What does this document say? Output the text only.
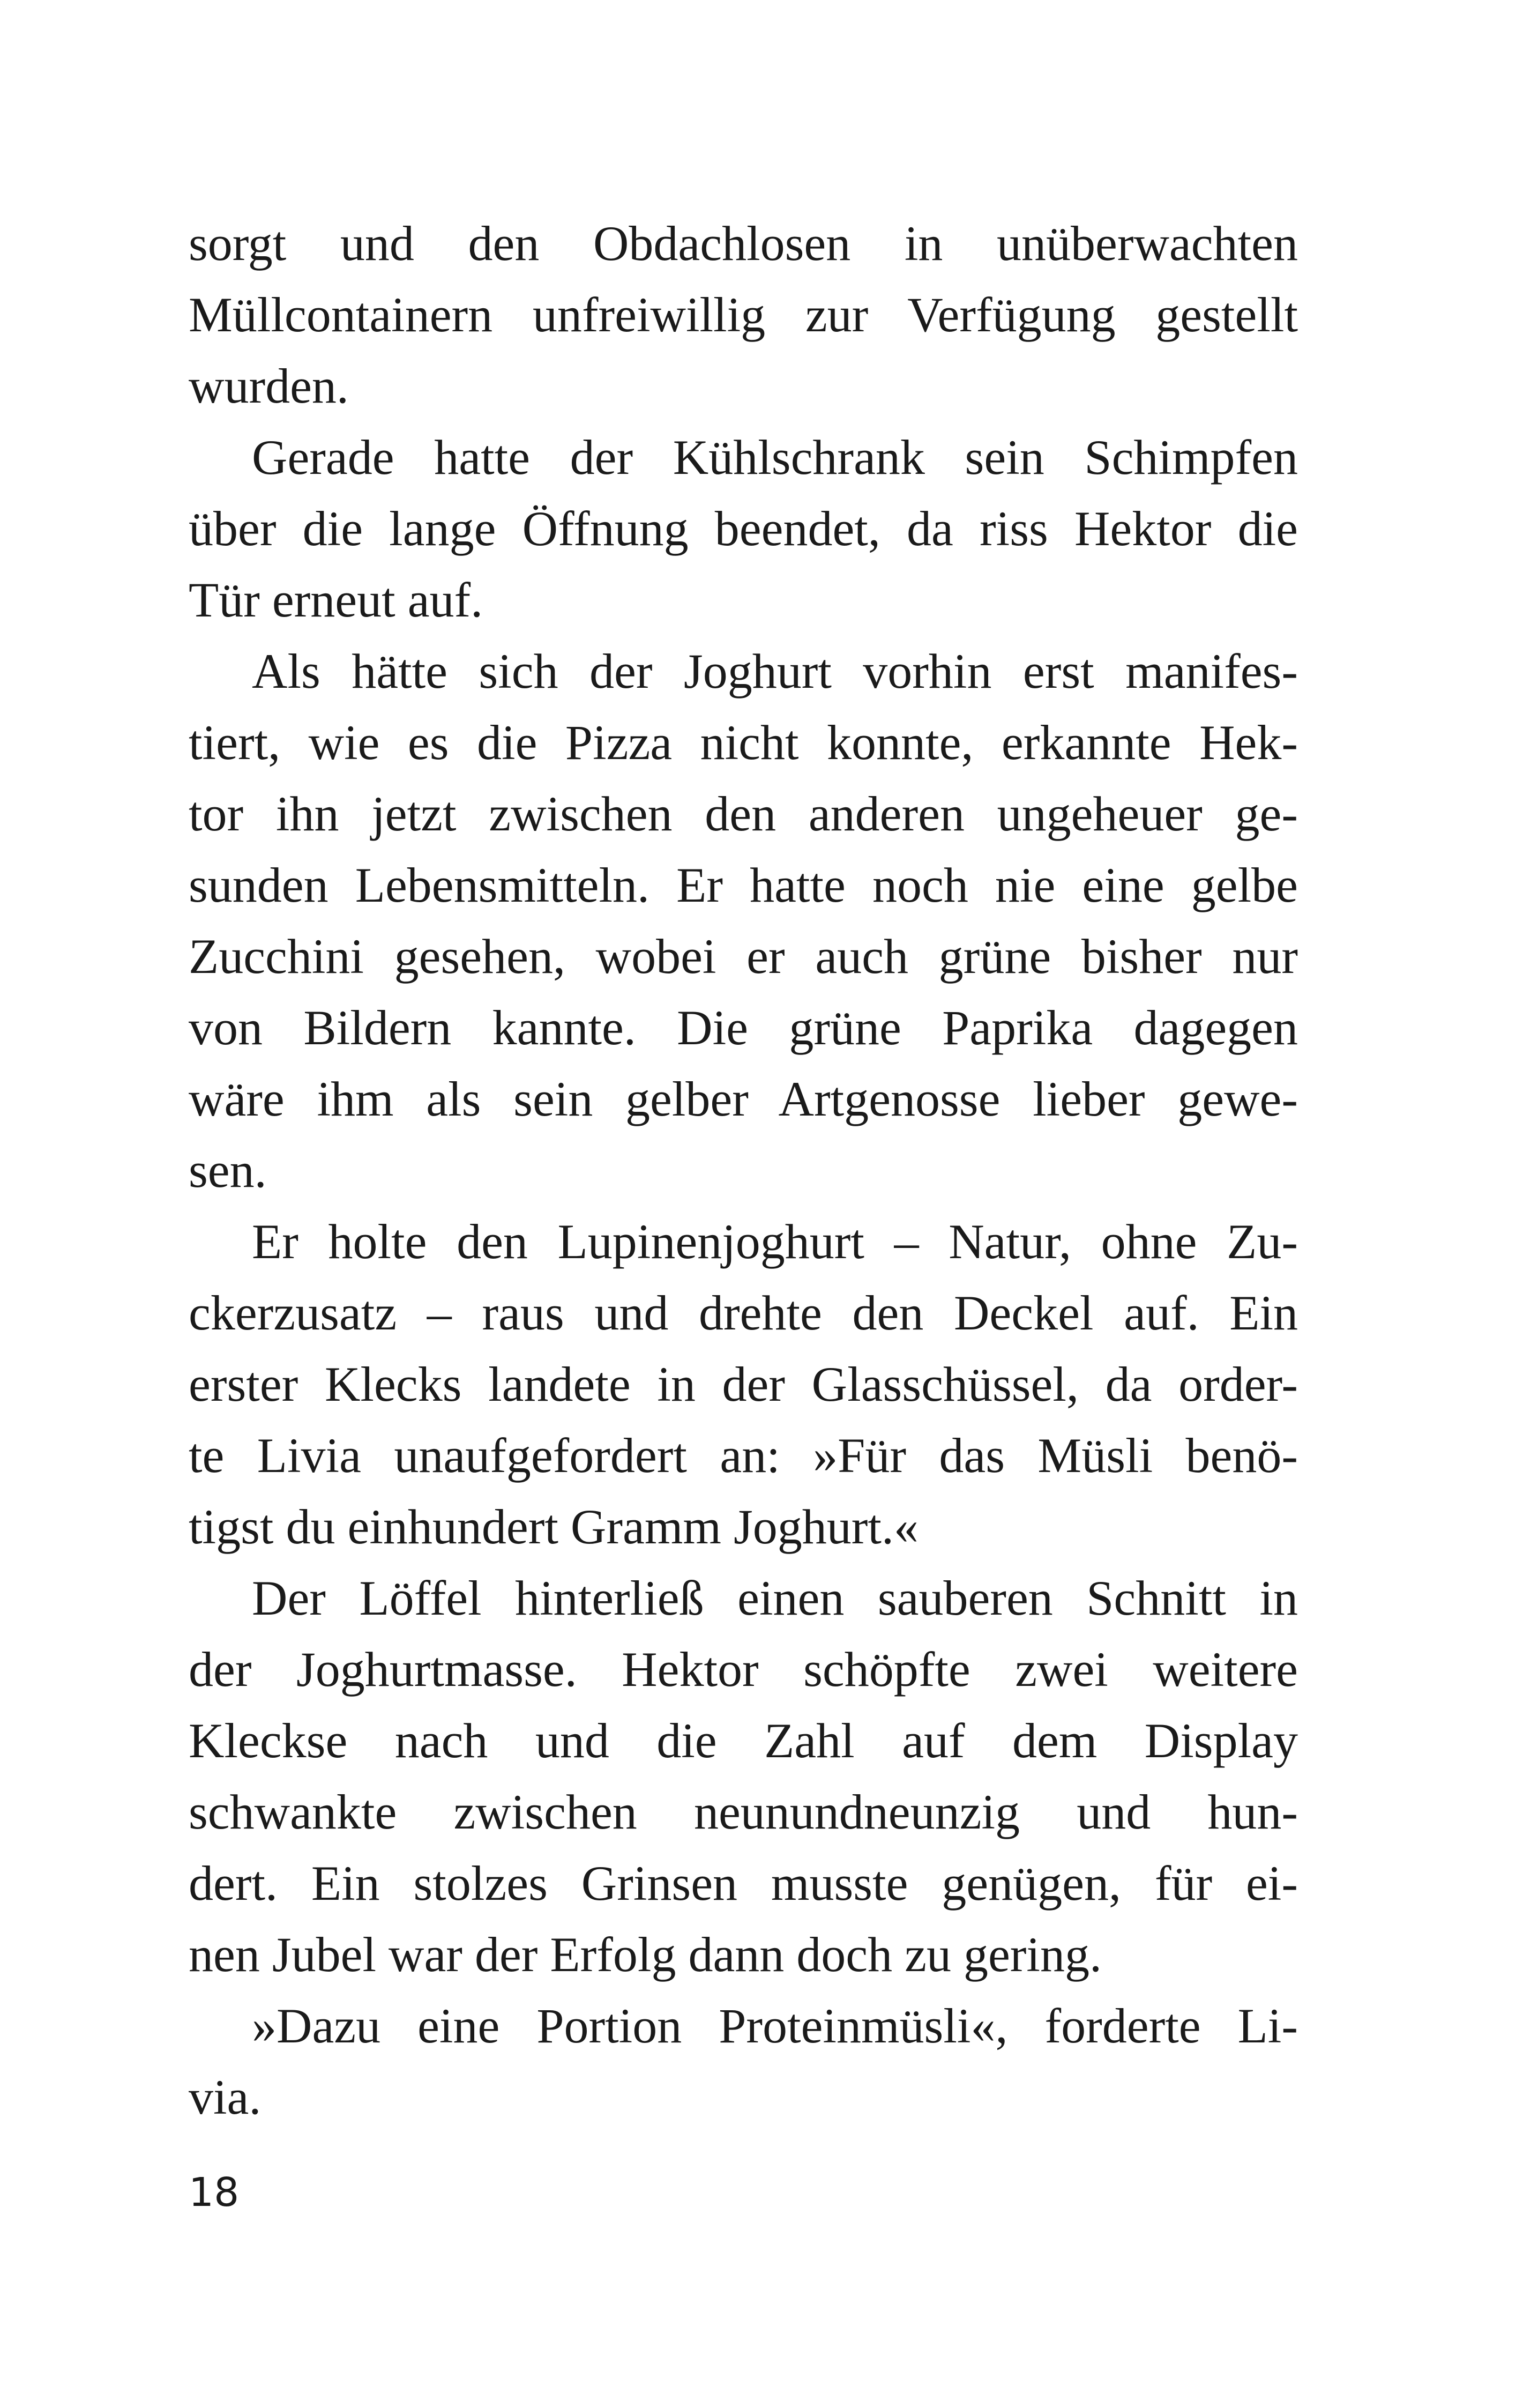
sorgt und den Obdachlosen in unüberwachten
Müllcontainern unfreiwillig zur Verfügung gestellt
wurden.
Gerade hatte der Kühlschrank sein Schimpfen
über die lange Öffnung beendet, da riss Hektor die
Tür erneut auf.
Als hätte sich der Joghurt vorhin erst manifes-
tiert, wie es die Pizza nicht konnte, erkannte Hek-
tor ihn jetzt zwischen den anderen ungeheuer ge-
sunden Lebensmitteln. Er hatte noch nie eine gelbe
Zucchini gesehen, wobei er auch grüne bisher nur
von Bildern kannte. Die grüne Paprika dagegen
wäre ihm als sein gelber Artgenosse lieber gewe-
sen.
Er holte den Lupinenjoghurt – Natur, ohne Zu-
ckerzusatz – raus und drehte den Deckel auf. Ein
erster Klecks landete in der Glasschüssel, da order-
te Livia unaufgefordert an: »Für das Müsli benö-
tigst du einhundert Gramm Joghurt.«
Der Löffel hinterließ einen sauberen Schnitt in
der Joghurtmasse. Hektor schöpfte zwei weitere
Kleckse nach und die Zahl auf dem Display
schwankte zwischen neunundneunzig und hun-
dert. Ein stolzes Grinsen musste genügen, für ei-
nen Jubel war der Erfolg dann doch zu gering.
»Dazu eine Portion Proteinmüsli«, forderte Li-
via.
18
